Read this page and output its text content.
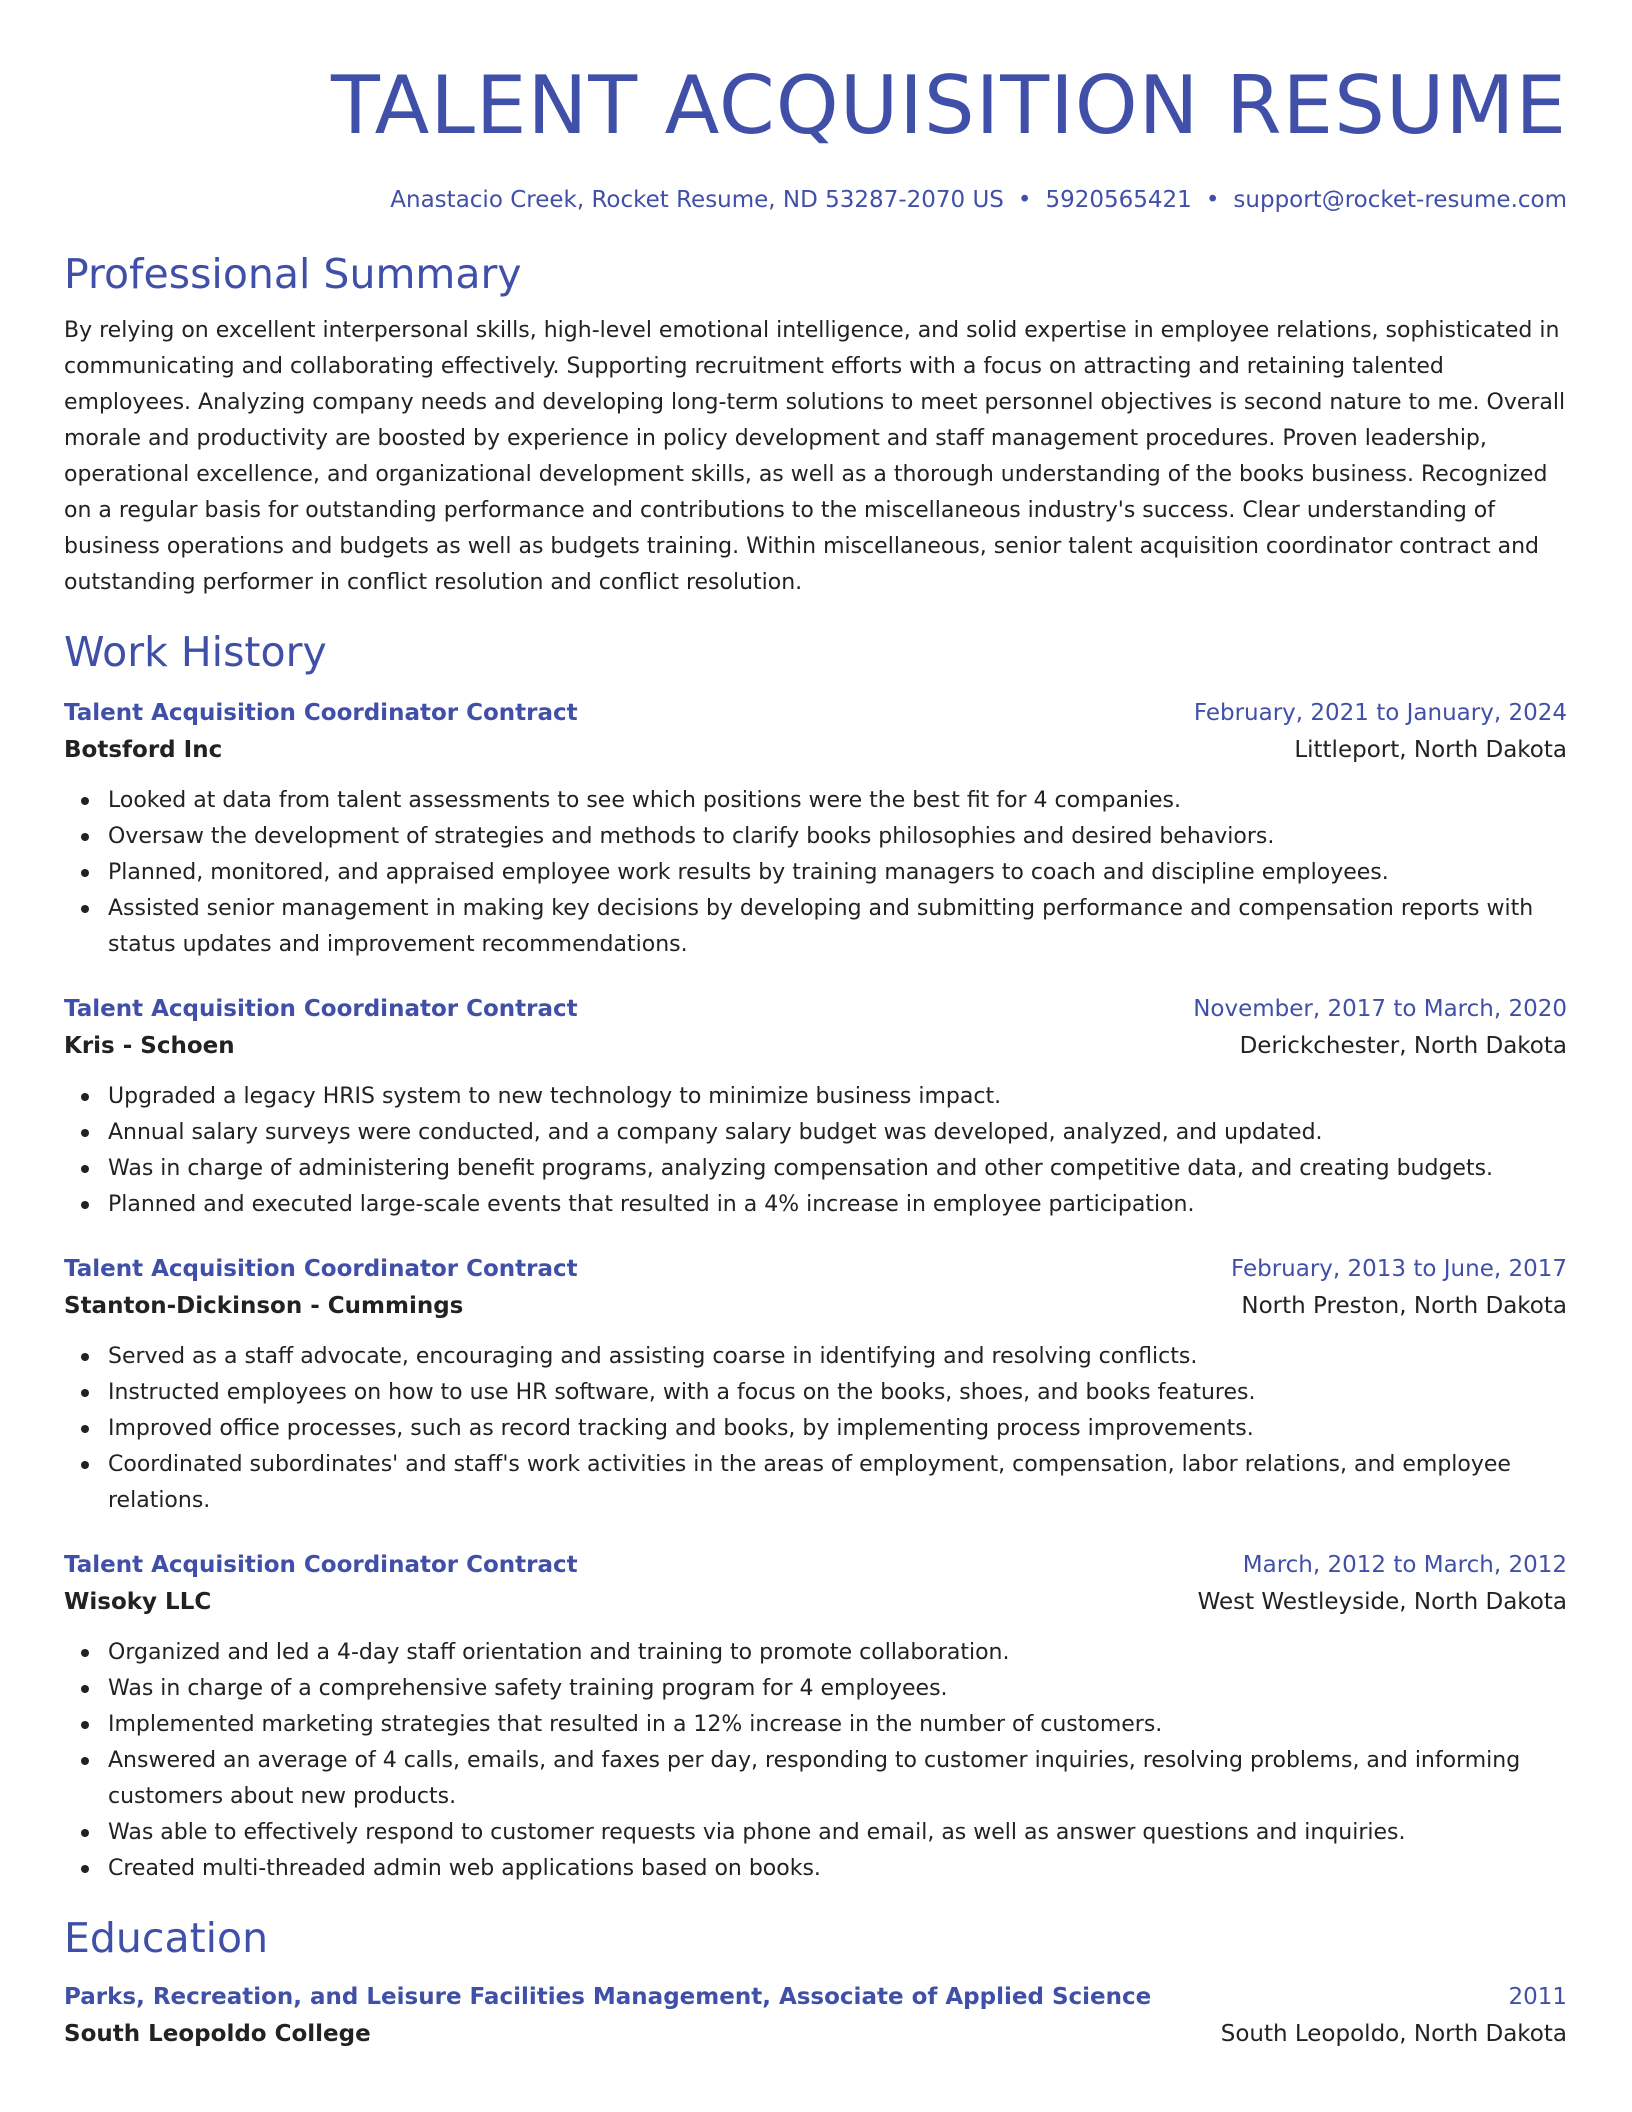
TALENT ACQUISITION RESUME
Anastacio Creek, Rocket Resume, ND 53287-2070 US • 5920565421 • support@rocket-resume.com
Professional Summary

By relying on excellent interpersonal skills, high-level emotional intelligence, and solid expertise in employee relations, sophisticated in communicating and collaborating effectively. Supporting recruitment efforts with a focus on attracting and retaining talented employees. Analyzing company needs and developing long-term solutions to meet personnel objectives is second nature to me. Overall morale and productivity are boosted by experience in policy development and staff management procedures. Proven leadership, operational excellence, and organizational development skills, as well as a thorough understanding of the books business. Recognized on a regular basis for outstanding performance and contributions to the miscellaneous industry's success. Clear understanding of business operations and budgets as well as budgets training. Within miscellaneous, senior talent acquisition coordinator contract and outstanding performer in conflict resolution and conflict resolution.

Work History
Talent Acquisition Coordinator Contract	February, 2021 to January, 2024
Botsford Inc	Littleport, North Dakota
Looked at data from talent assessments to see which positions were the best fit for 4 companies.
Oversaw the development of strategies and methods to clarify books philosophies and desired behaviors.
Planned, monitored, and appraised employee work results by training managers to coach and discipline employees.
Assisted senior management in making key decisions by developing and submitting performance and compensation reports with status updates and improvement recommendations.
Talent Acquisition Coordinator Contract	November, 2017 to March, 2020
Kris - Schoen	Derickchester, North Dakota
Upgraded a legacy HRIS system to new technology to minimize business impact.
Annual salary surveys were conducted, and a company salary budget was developed, analyzed, and updated.
Was in charge of administering benefit programs, analyzing compensation and other competitive data, and creating budgets.
Planned and executed large-scale events that resulted in a 4% increase in employee participation.
Talent Acquisition Coordinator Contract	February, 2013 to June, 2017
Stanton-Dickinson - Cummings	North Preston, North Dakota
Served as a staff advocate, encouraging and assisting coarse in identifying and resolving conflicts.
Instructed employees on how to use HR software, with a focus on the books, shoes, and books features.
Improved office processes, such as record tracking and books, by implementing process improvements.
Coordinated subordinates' and staff's work activities in the areas of employment, compensation, labor relations, and employee relations.
Talent Acquisition Coordinator Contract	March, 2012 to March, 2012
Wisoky LLC	West Westleyside, North Dakota
Organized and led a 4-day staff orientation and training to promote collaboration.
Was in charge of a comprehensive safety training program for 4 employees.
Implemented marketing strategies that resulted in a 12% increase in the number of customers.
Answered an average of 4 calls, emails, and faxes per day, responding to customer inquiries, resolving problems, and informing customers about new products.
Was able to effectively respond to customer requests via phone and email, as well as answer questions and inquiries.
Created multi-threaded admin web applications based on books.
Education
Parks, Recreation, and Leisure Facilities Management, Associate of Applied Science	2011
South Leopoldo College	South Leopoldo, North Dakota
